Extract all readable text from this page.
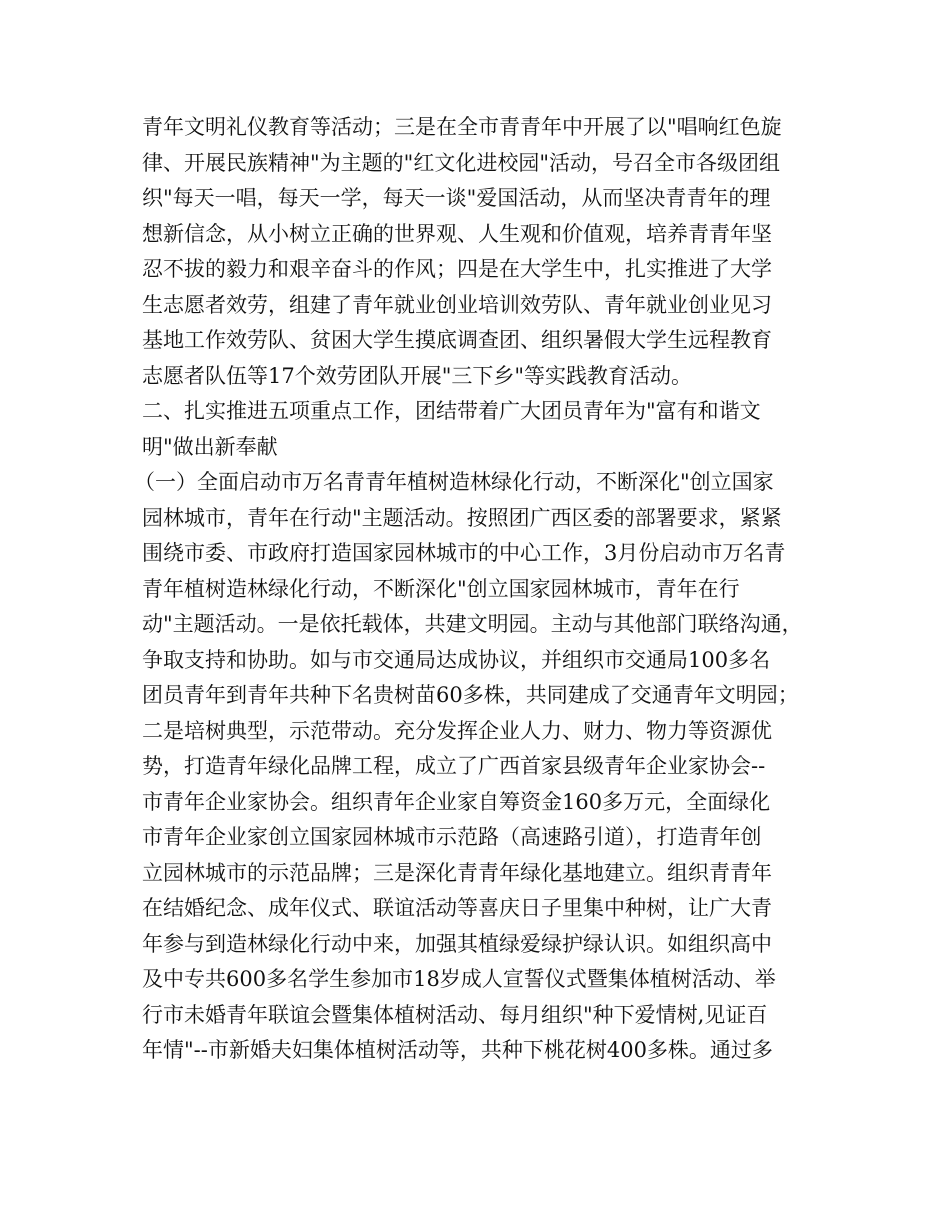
青年文明礼仪教育等活动；三是在全市青青年中开展了以"唱响红色旋
律、开展民族精神"为主题的"红文化进校园"活动，号召全市各级团组
织"每天一唱，每天一学，每天一谈"爱国活动，从而坚决青青年的理
想新信念，从小树立正确的世界观、人生观和价值观，培养青青年坚
忍不拔的毅力和艰辛奋斗的作风；四是在大学生中，扎实推进了大学
生志愿者效劳，组建了青年就业创业培训效劳队、青年就业创业见习
基地工作效劳队、贫困大学生摸底调查团、组织暑假大学生远程教育
志愿者队伍等17个效劳团队开展"三下乡"等实践教育活动。
二、扎实推进五项重点工作，团结带着广大团员青年为"富有和谐文
明"做出新奉献
（一）全面启动市万名青青年植树造林绿化行动，不断深化"创立国家
园林城市，青年在行动"主题活动。按照团广西区委的部署要求，紧紧
围绕市委、市政府打造国家园林城市的中心工作，3月份启动市万名青
青年植树造林绿化行动，不断深化"创立国家园林城市，青年在行
动"主题活动。一是依托载体，共建文明园。主动与其他部门联络沟通，
争取支持和协助。如与市交通局达成协议，并组织市交通局100多名
团员青年到青年共种下名贵树苗60多株，共同建成了交通青年文明园；
二是培树典型，示范带动。充分发挥企业人力、财力、物力等资源优
势，打造青年绿化品牌工程，成立了广西首家县级青年企业家协会--
市青年企业家协会。组织青年企业家自筹资金160多万元，全面绿化
市青年企业家创立国家园林城市示范路（高速路引道），打造青年创
立园林城市的示范品牌；三是深化青青年绿化基地建立。组织青青年
在结婚纪念、成年仪式、联谊活动等喜庆日子里集中种树，让广大青
年参与到造林绿化行动中来，加强其植绿爱绿护绿认识。如组织高中
及中专共600多名学生参加市18岁成人宣誓仪式暨集体植树活动、举
行市未婚青年联谊会暨集体植树活动、每月组织"种下爱情树,见证百
年情"--市新婚夫妇集体植树活动等，共种下桃花树400多株。通过多
